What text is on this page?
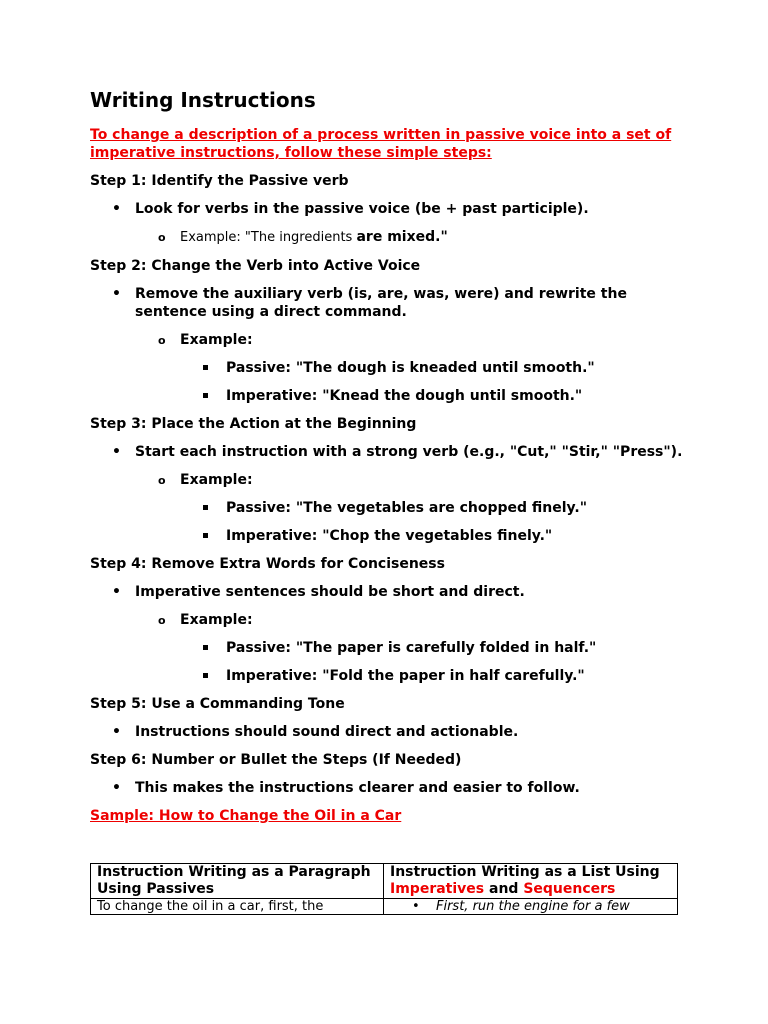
Writing Instructions
To change a description of a process written in passive voice into a set of imperative instructions, follow these simple steps:
Step 1: Identify the Passive verb
• Look for verbs in the passive voice (be + past participle).
o Example: "The ingredients are mixed."
Step 2: Change the Verb into Active Voice
• Remove the auxiliary verb (is, are, was, were) and rewrite the sentence using a direct command.
o Example:
Passive: "The dough is kneaded until smooth."
Imperative: "Knead the dough until smooth."
Step 3: Place the Action at the Beginning
• Start each instruction with a strong verb (e.g., "Cut," "Stir," "Press").
o Example:
Passive: "The vegetables are chopped finely."
Imperative: "Chop the vegetables finely."
Step 4: Remove Extra Words for Conciseness
• Imperative sentences should be short and direct.
o Example:
Passive: "The paper is carefully folded in half."
Imperative: "Fold the paper in half carefully."
Step 5: Use a Commanding Tone
• Instructions should sound direct and actionable.
Step 6: Number or Bullet the Steps (If Needed)
• This makes the instructions clearer and easier to follow.
Sample: How to Change the Oil in a Car
Instruction Writing as a Paragraph Using Passives	Instruction Writing as a List Using Imperatives and Sequencers
To change the oil in a car, first, the	• First, run the engine for a few
